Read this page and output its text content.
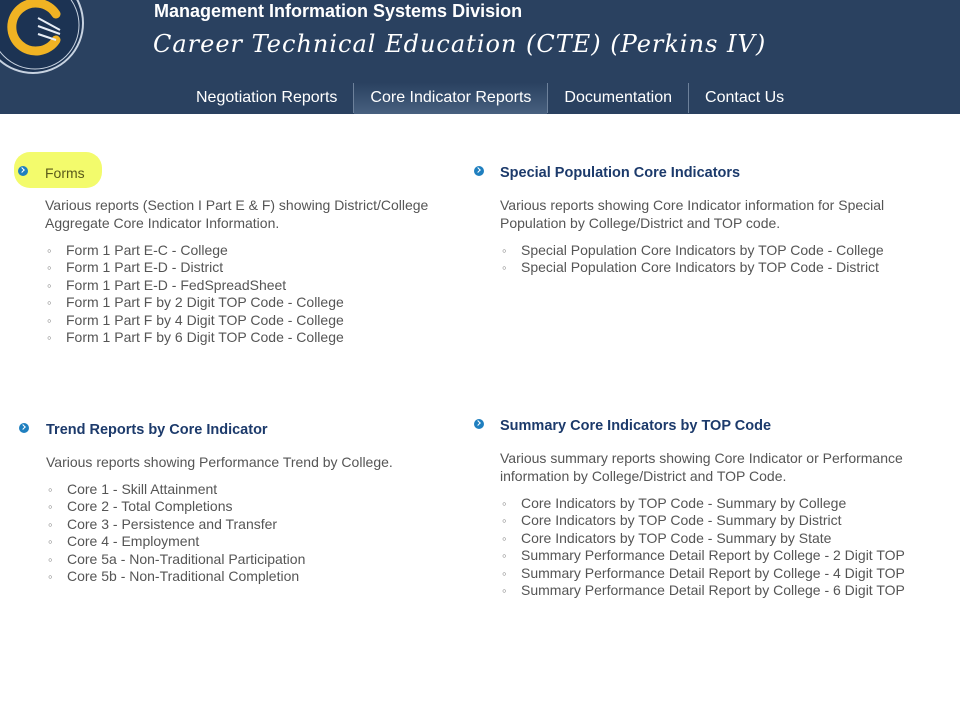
Management Information Systems Division
Career Technical Education (CTE) (Perkins IV)
Negotiation Reports	Core Indicator Reports	Documentation	Contact Us
Forms
Various reports (Section I Part E & F) showing District/College Aggregate Core Indicator Information.
◦ Form 1 Part E-C - College
◦ Form 1 Part E-D - District
◦ Form 1 Part E-D - FedSpreadSheet
◦ Form 1 Part F by 2 Digit TOP Code - College
◦ Form 1 Part F by 4 Digit TOP Code - College
◦ Form 1 Part F by 6 Digit TOP Code - College
Special Population Core Indicators
Various reports showing Core Indicator information for Special Population by College/District and TOP code.
◦ Special Population Core Indicators by TOP Code - College
◦ Special Population Core Indicators by TOP Code - District
Trend Reports by Core Indicator
Various reports showing Performance Trend by College.
◦ Core 1 - Skill Attainment
◦ Core 2 - Total Completions
◦ Core 3 - Persistence and Transfer
◦ Core 4 - Employment
◦ Core 5a - Non-Traditional Participation
◦ Core 5b - Non-Traditional Completion
Summary Core Indicators by TOP Code
Various summary reports showing Core Indicator or Performance information by College/District and TOP Code.
◦ Core Indicators by TOP Code - Summary by College
◦ Core Indicators by TOP Code - Summary by District
◦ Core Indicators by TOP Code - Summary by State
◦ Summary Performance Detail Report by College - 2 Digit TOP
◦ Summary Performance Detail Report by College - 4 Digit TOP
◦ Summary Performance Detail Report by College - 6 Digit TOP
